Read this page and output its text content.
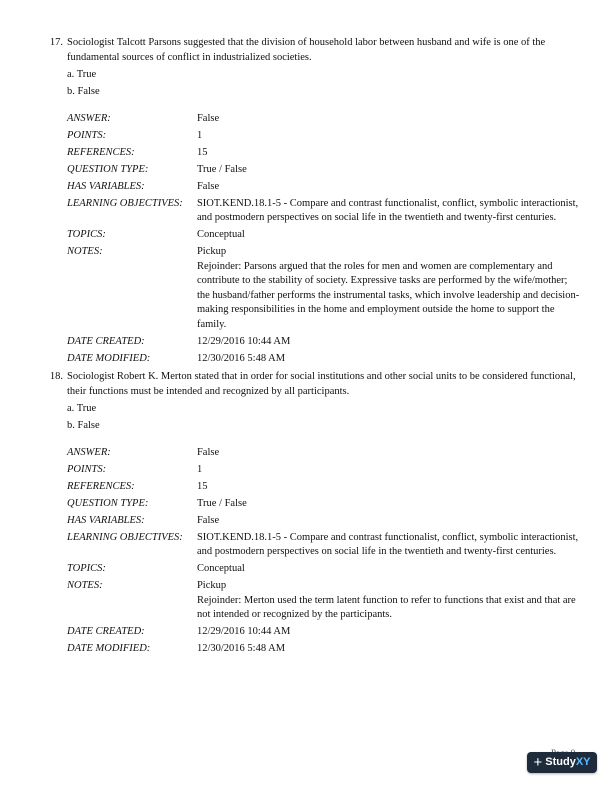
17. Sociologist Talcott Parsons suggested that the division of household labor between husband and wife is one of the fundamental sources of conflict in industrialized societies.
a. True
b. False
ANSWER:	False
POINTS:	1
REFERENCES:	15
QUESTION TYPE:	True / False
HAS VARIABLES:	False
LEARNING OBJECTIVES:	SIOT.KEND.18.1-5 - Compare and contrast functionalist, conflict, symbolic interactionist, and postmodern perspectives on social life in the twentieth and twenty-first centuries.
TOPICS:	Conceptual
NOTES:	Pickup
Rejoinder: Parsons argued that the roles for men and women are complementary and contribute to the stability of society. Expressive tasks are performed by the wife/mother; the husband/father performs the instrumental tasks, which involve leadership and decision-making responsibilities in the home and employment outside the home to support the family.

DATE CREATED:	12/29/2016 10:44 AM
DATE MODIFIED:	12/30/2016 5:48 AM
18. Sociologist Robert K. Merton stated that in order for social institutions and other social units to be considered functional, their functions must be intended and recognized by all participants.
a. True
b. False
ANSWER:	False
POINTS:	1
REFERENCES:	15
QUESTION TYPE:	True / False
HAS VARIABLES:	False
LEARNING OBJECTIVES:	SIOT.KEND.18.1-5 - Compare and contrast functionalist, conflict, symbolic interactionist, and postmodern perspectives on social life in the twentieth and twenty-first centuries.
TOPICS:	Conceptual
NOTES:	Pickup
Rejoinder: Merton used the term latent function to refer to functions that exist and that are not intended or recognized by the participants.

DATE CREATED:	12/29/2016 10:44 AM
DATE MODIFIED:	12/30/2016 5:48 AM
+ Study XY
